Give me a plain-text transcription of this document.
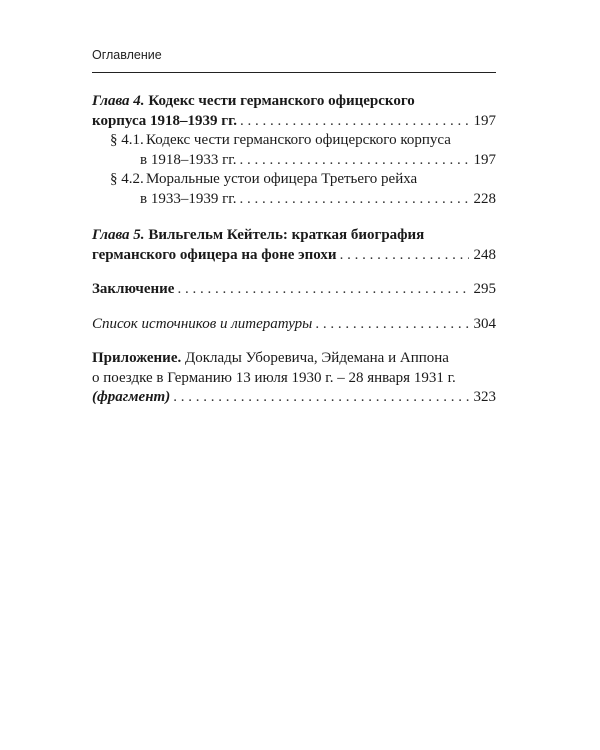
Оглавление
Глава 4.
Кодекс чести германского офицерского
корпуса 1918–1939 гг. . . .	197
§ 4.1. Кодекс чести германского офицерского корпуса
в 1918–1933 гг. . . .	197
§ 4.2. Моральные устои офицера Третьего рейха
в 1933–1939 гг. . . .	228
Глава 5.
Вильгельм Кейтель: краткая биография
германского офицера на фоне эпохи . . .	248
Заключение . . .	295
Список источников и литературы . . .	304
Приложение.
Доклады Уборевича, Эйдемана и Аппона
о поездке в Германию 13 июля 1930 г. – 28 января 1931 г.
(фрагмент) . . .	323
